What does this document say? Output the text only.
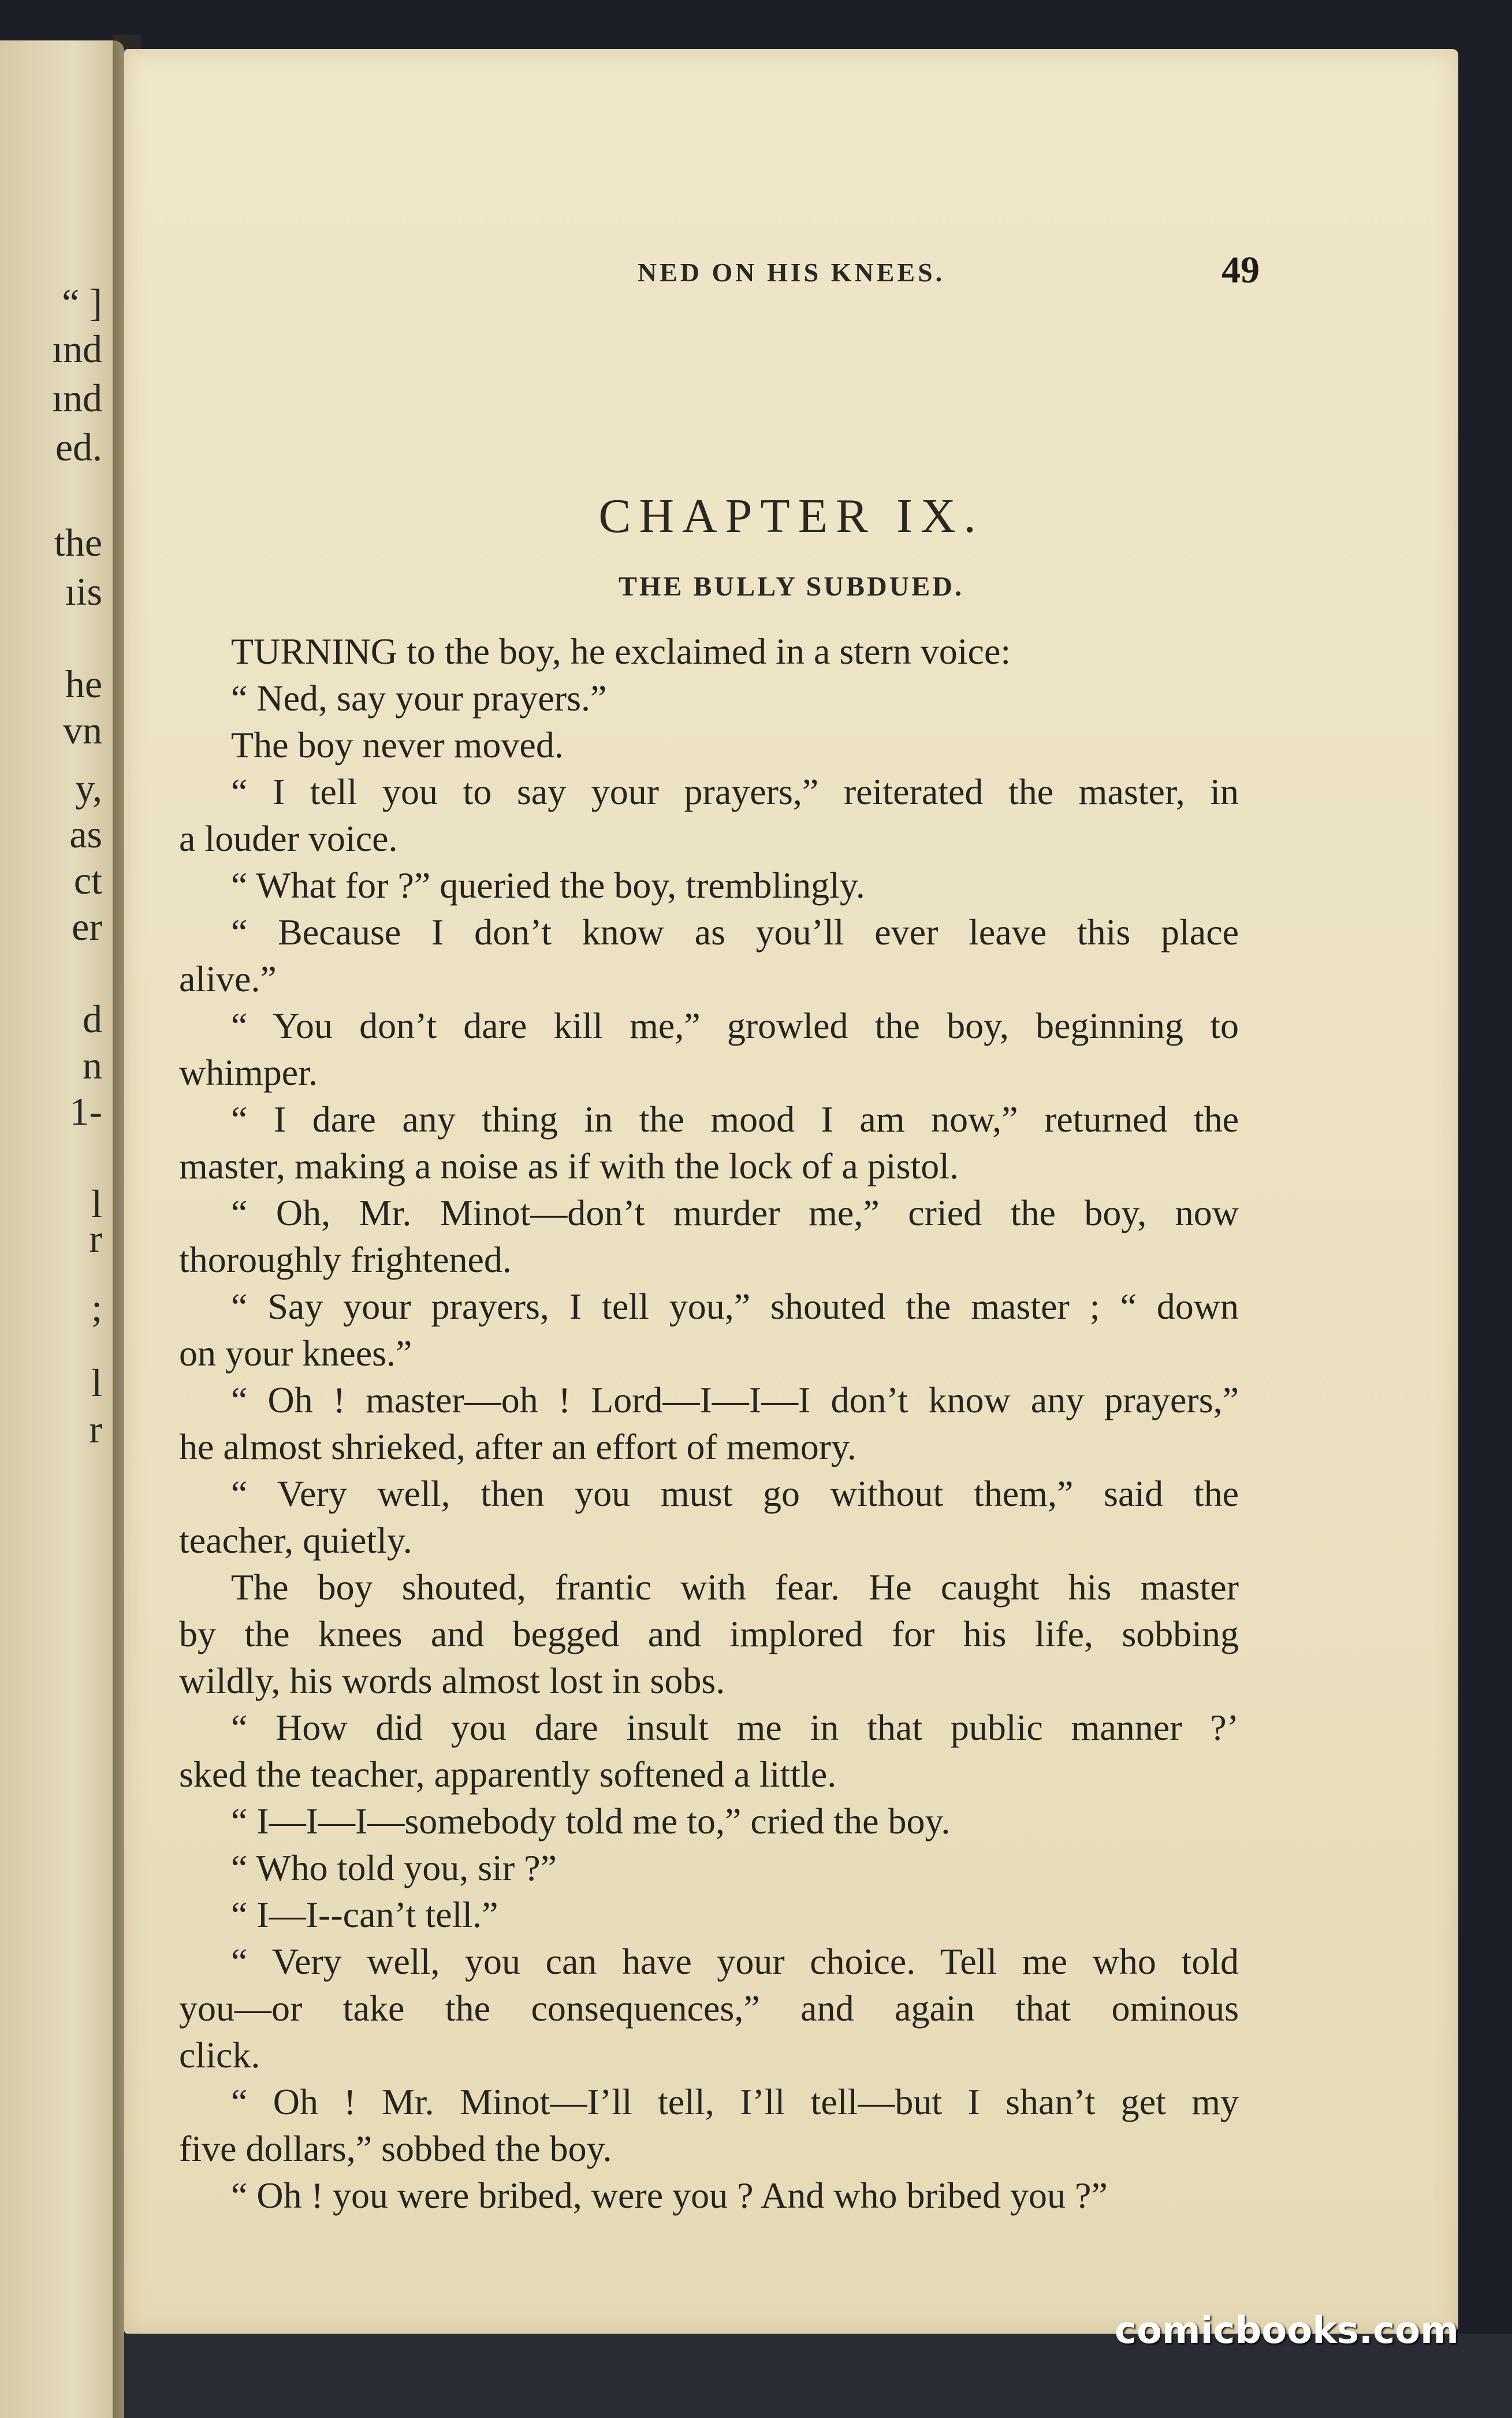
“ ]
ınd
ınd
ed.
the
ıis
he
vn
y,
as
ct
er
d
n
1-
l
r
;
l
r
NED ON HIS KNEES.	49
CHAPTER IX.
THE BULLY SUBDUED.
TURNING to the boy, he exclaimed in a stern voice:
“ Ned, say your prayers.”
The boy never moved.
“ I tell you to say your prayers,” reiterated the master, in
a louder voice.
“ What for ?” queried the boy, tremblingly.
“ Because I don’t know as you’ll ever leave this place
alive.”
“ You don’t dare kill me,” growled the boy, beginning to
whimper.
“ I dare any thing in the mood I am now,” returned the
master, making a noise as if with the lock of a pistol.
“ Oh, Mr. Minot—don’t murder me,” cried the boy, now
thoroughly frightened.
“ Say your prayers, I tell you,” shouted the master ; “ down
on your knees.”
“ Oh ! master—oh ! Lord—I—I—I don’t know any prayers,”
he almost shrieked, after an effort of memory.
“ Very well, then you must go without them,” said the
teacher, quietly.
The boy shouted, frantic with fear. He caught his master
by the knees and begged and implored for his life, sobbing
wildly, his words almost lost in sobs.
“ How did you dare insult me in that public manner ?’
sked the teacher, apparently softened a little.
“ I—I—I—somebody told me to,” cried the boy.
“ Who told you, sir ?”
“ I—I--can’t tell.”
“ Very well, you can have your choice. Tell me who told
you—or take the consequences,” and again that ominous
click.
“ Oh ! Mr. Minot—I’ll tell, I’ll tell—but I shan’t get my
five dollars,” sobbed the boy.
“ Oh ! you were bribed, were you ? And who bribed you ?”
comicbooks.com
